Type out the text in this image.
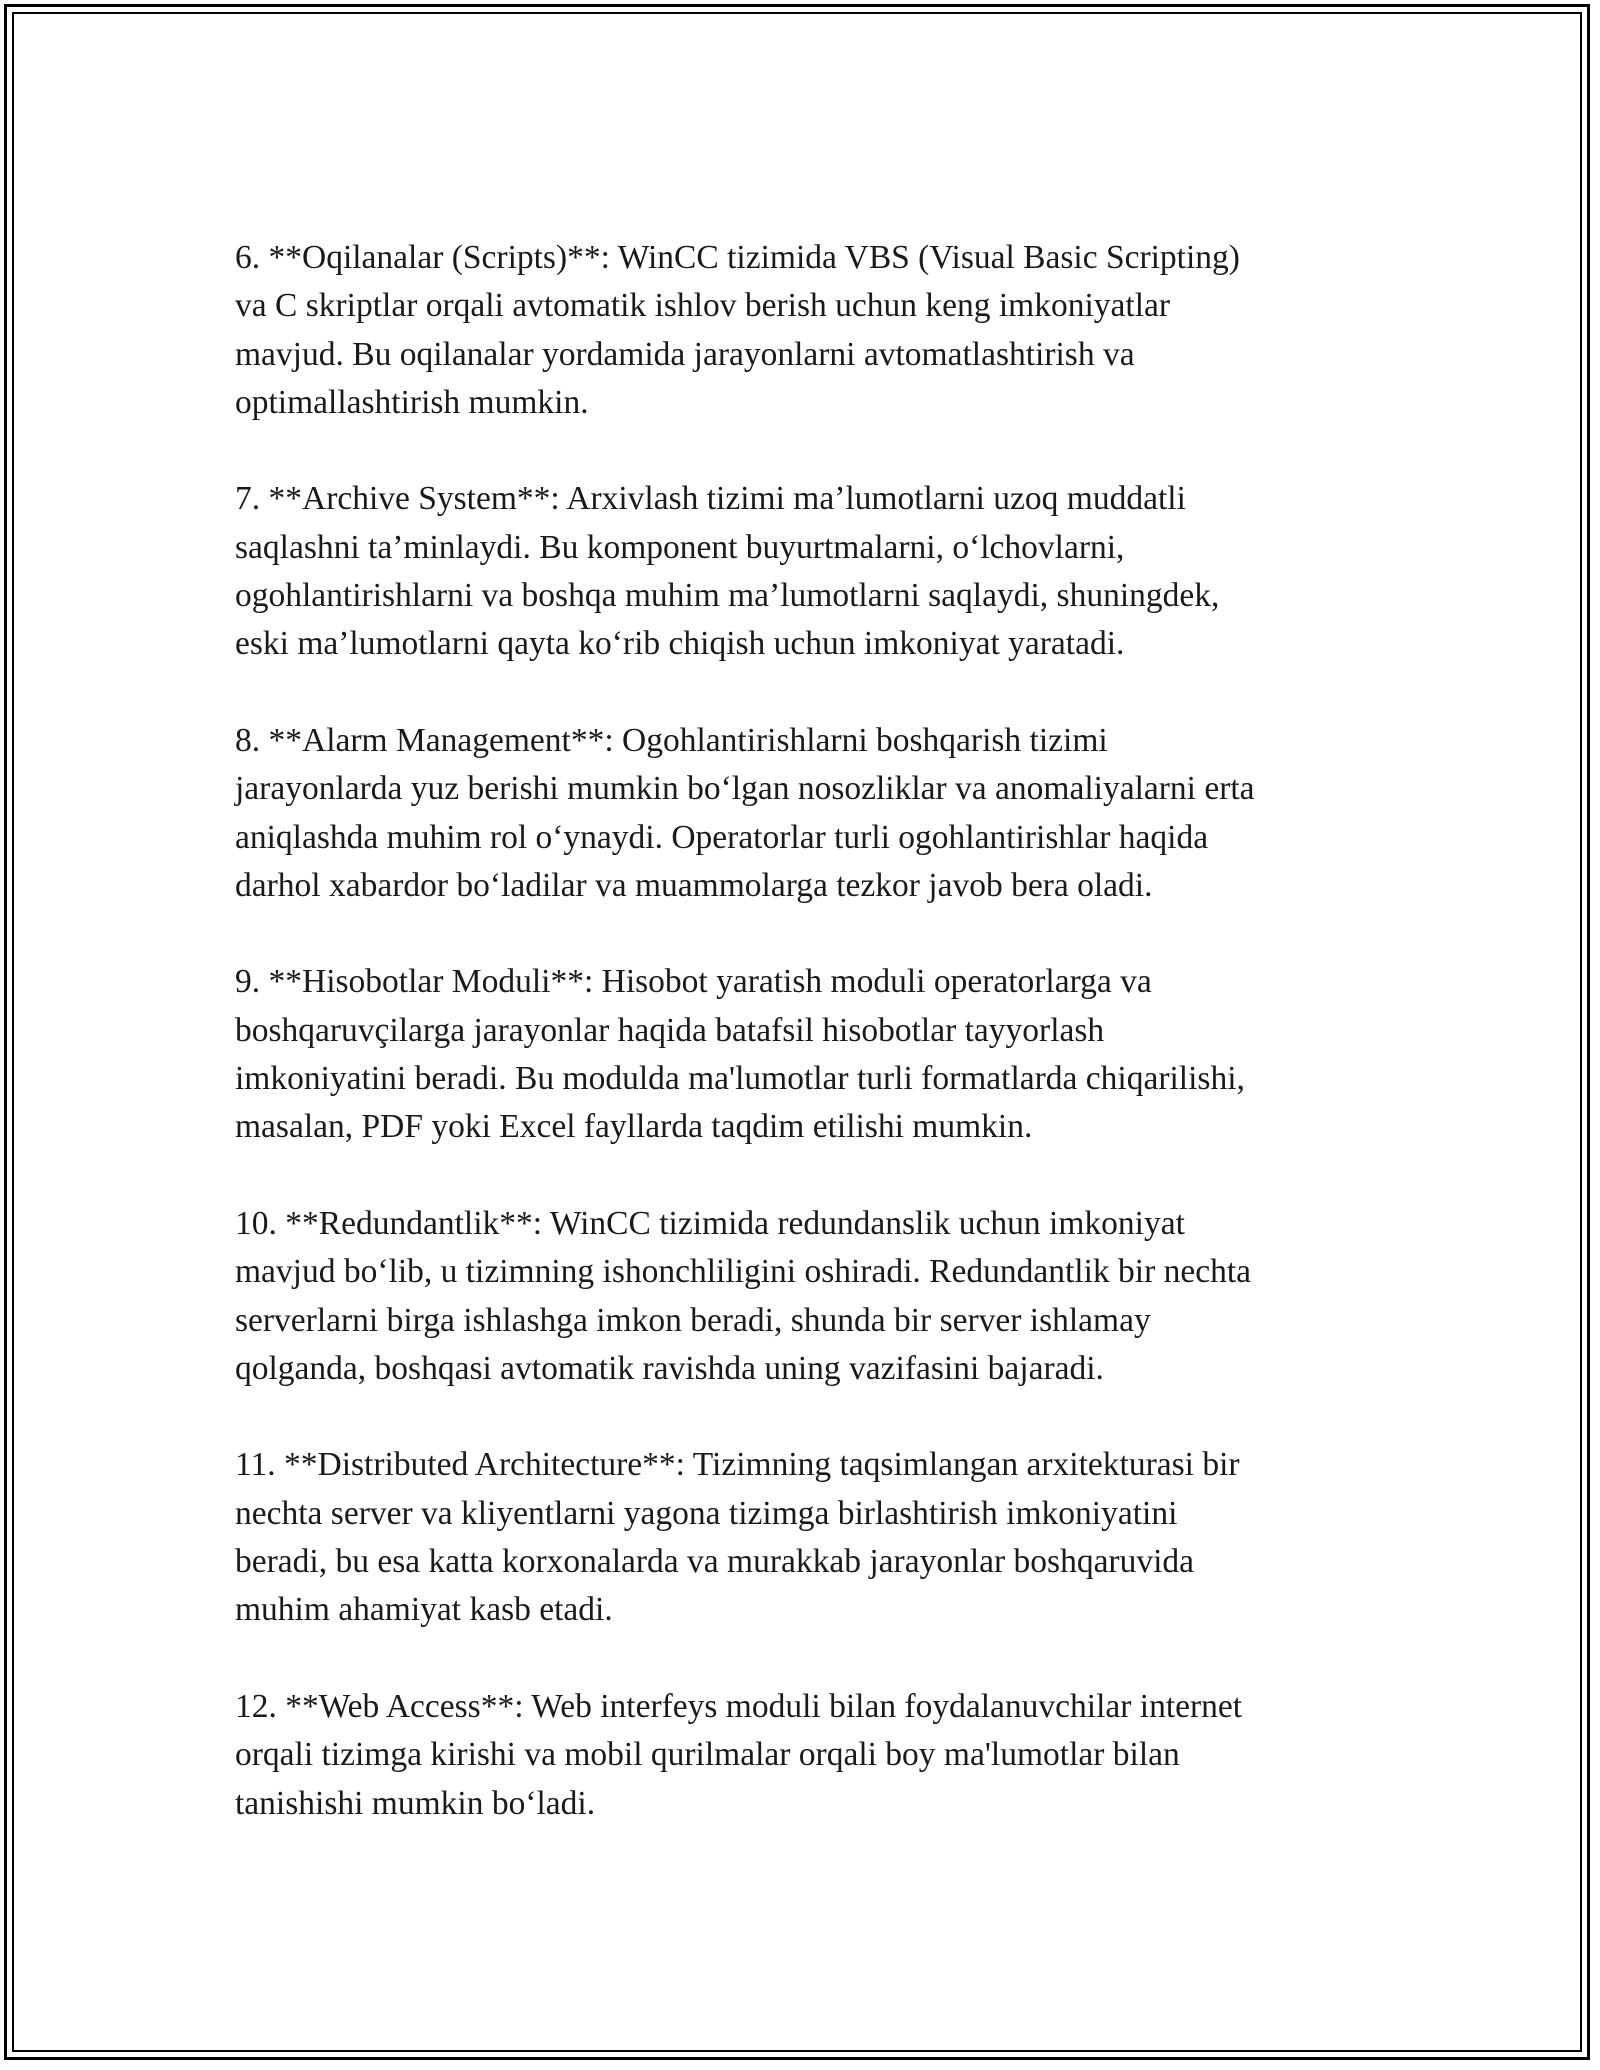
6. **Oqilanalar (Scripts)**: WinCC tizimida VBS (Visual Basic Scripting)
va C skriptlar orqali avtomatik ishlov berish uchun keng imkoniyatlar
mavjud. Bu oqilanalar yordamida jarayonlarni avtomatlashtirish va
optimallashtirish mumkin.

7. **Archive System**: Arxivlash tizimi ma’lumotlarni uzoq muddatli
saqlashni ta’minlaydi. Bu komponent buyurtmalarni, o‘lchovlarni,
ogohlantirishlarni va boshqa muhim ma’lumotlarni saqlaydi, shuningdek,
eski ma’lumotlarni qayta ko‘rib chiqish uchun imkoniyat yaratadi.

8. **Alarm Management**: Ogohlantirishlarni boshqarish tizimi
jarayonlarda yuz berishi mumkin bo‘lgan nosozliklar va anomaliyalarni erta
aniqlashda muhim rol o‘ynaydi. Operatorlar turli ogohlantirishlar haqida
darhol xabardor bo‘ladilar va muammolarga tezkor javob bera oladi.

9. **Hisobotlar Moduli**: Hisobot yaratish moduli operatorlarga va
boshqaruvçilarga jarayonlar haqida batafsil hisobotlar tayyorlash
imkoniyatini beradi. Bu modulda ma'lumotlar turli formatlarda chiqarilishi,
masalan, PDF yoki Excel fayllarda taqdim etilishi mumkin.

10. **Redundantlik**: WinCC tizimida redundanslik uchun imkoniyat
mavjud bo‘lib, u tizimning ishonchliligini oshiradi. Redundantlik bir nechta
serverlarni birga ishlashga imkon beradi, shunda bir server ishlamay
qolganda, boshqasi avtomatik ravishda uning vazifasini bajaradi.

11. **Distributed Architecture**: Tizimning taqsimlangan arxitekturasi bir
nechta server va kliyentlarni yagona tizimga birlashtirish imkoniyatini
beradi, bu esa katta korxonalarda va murakkab jarayonlar boshqaruvida
muhim ahamiyat kasb etadi.

12. **Web Access**: Web interfeys moduli bilan foydalanuvchilar internet
orqali tizimga kirishi va mobil qurilmalar orqali boy ma'lumotlar bilan
tanishishi mumkin bo‘ladi.
